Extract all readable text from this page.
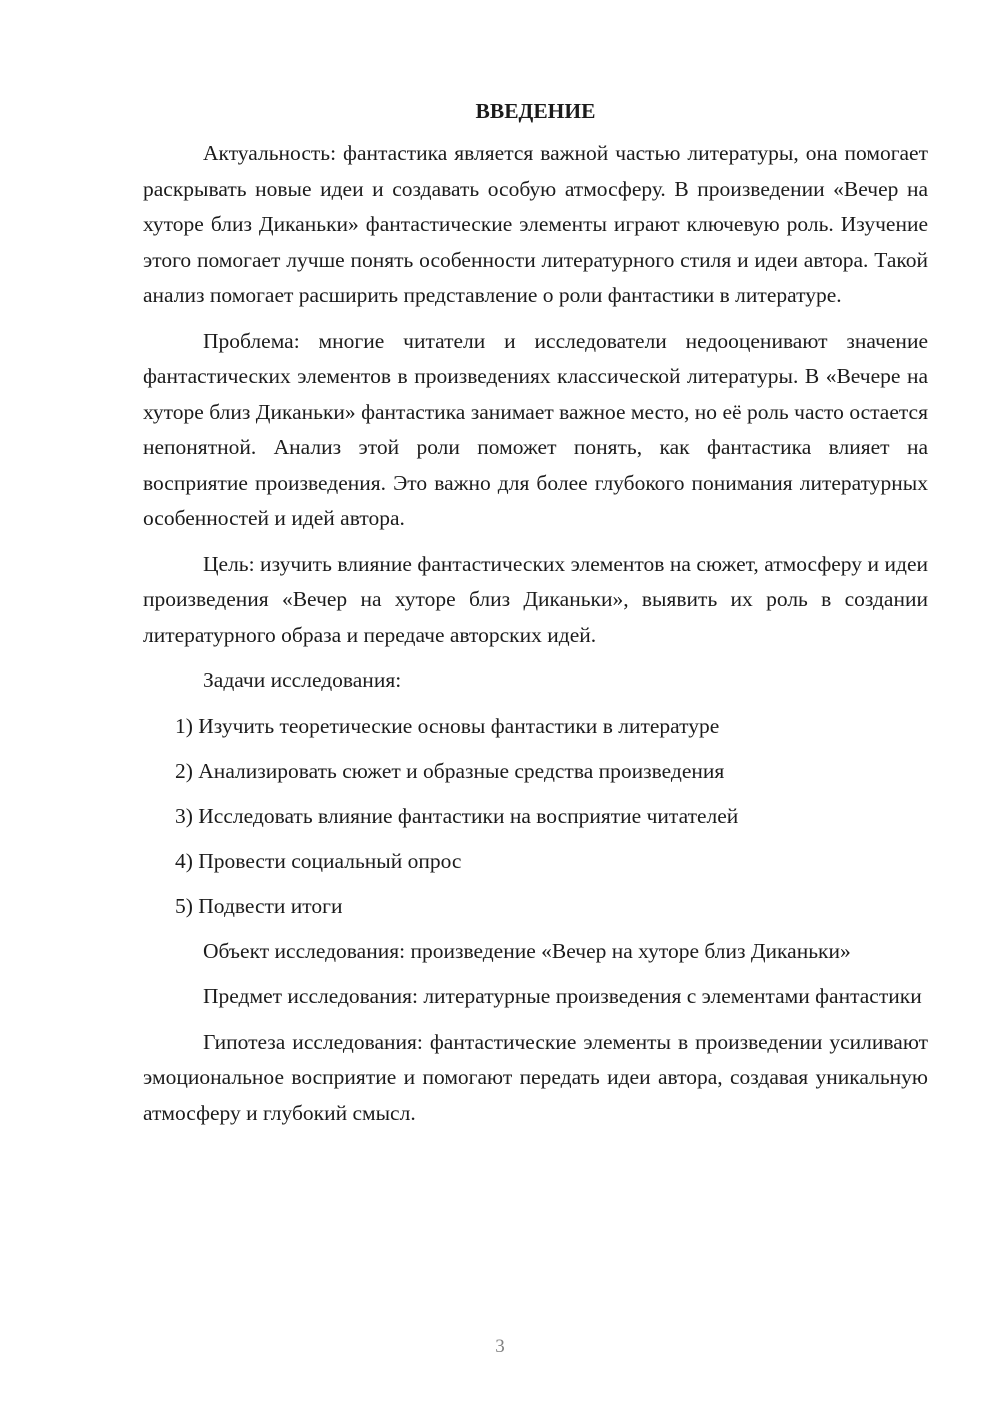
ВВЕДЕНИЕ

Актуальность: фантастика является важной частью литературы, она помогает раскрывать новые идеи и создавать особую атмосферу. В произведении «Вечер на хуторе близ Диканьки» фантастические элементы играют ключевую роль. Изучение этого помогает лучше понять особенности литературного стиля и идеи автора. Такой анализ помогает расширить представление о роли фантастики в литературе.

Проблема: многие читатели и исследователи недооценивают значение фантастических элементов в произведениях классической литературы. В «Вечере на хуторе близ Диканьки» фантастика занимает важное место, но её роль часто остается непонятной. Анализ этой роли поможет понять, как фантастика влияет на восприятие произведения. Это важно для более глубокого понимания литературных особенностей и идей автора.

Цель: изучить влияние фантастических элементов на сюжет, атмосферу и идеи произведения «Вечер на хуторе близ Диканьки», выявить их роль в создании литературного образа и передаче авторских идей.

Задачи исследования:

1) Изучить теоретические основы фантастики в литературе
2) Анализировать сюжет и образные средства произведения
3) Исследовать влияние фантастики на восприятие читателей
4) Провести социальный опрос
5) Подвести итоги

Объект исследования: произведение «Вечер на хуторе близ Диканьки»

Предмет исследования: литературные произведения с элементами фантастики

Гипотеза исследования: фантастические элементы в произведении усиливают эмоциональное восприятие и помогают передать идеи автора, создавая уникальную атмосферу и глубокий смысл.

3
